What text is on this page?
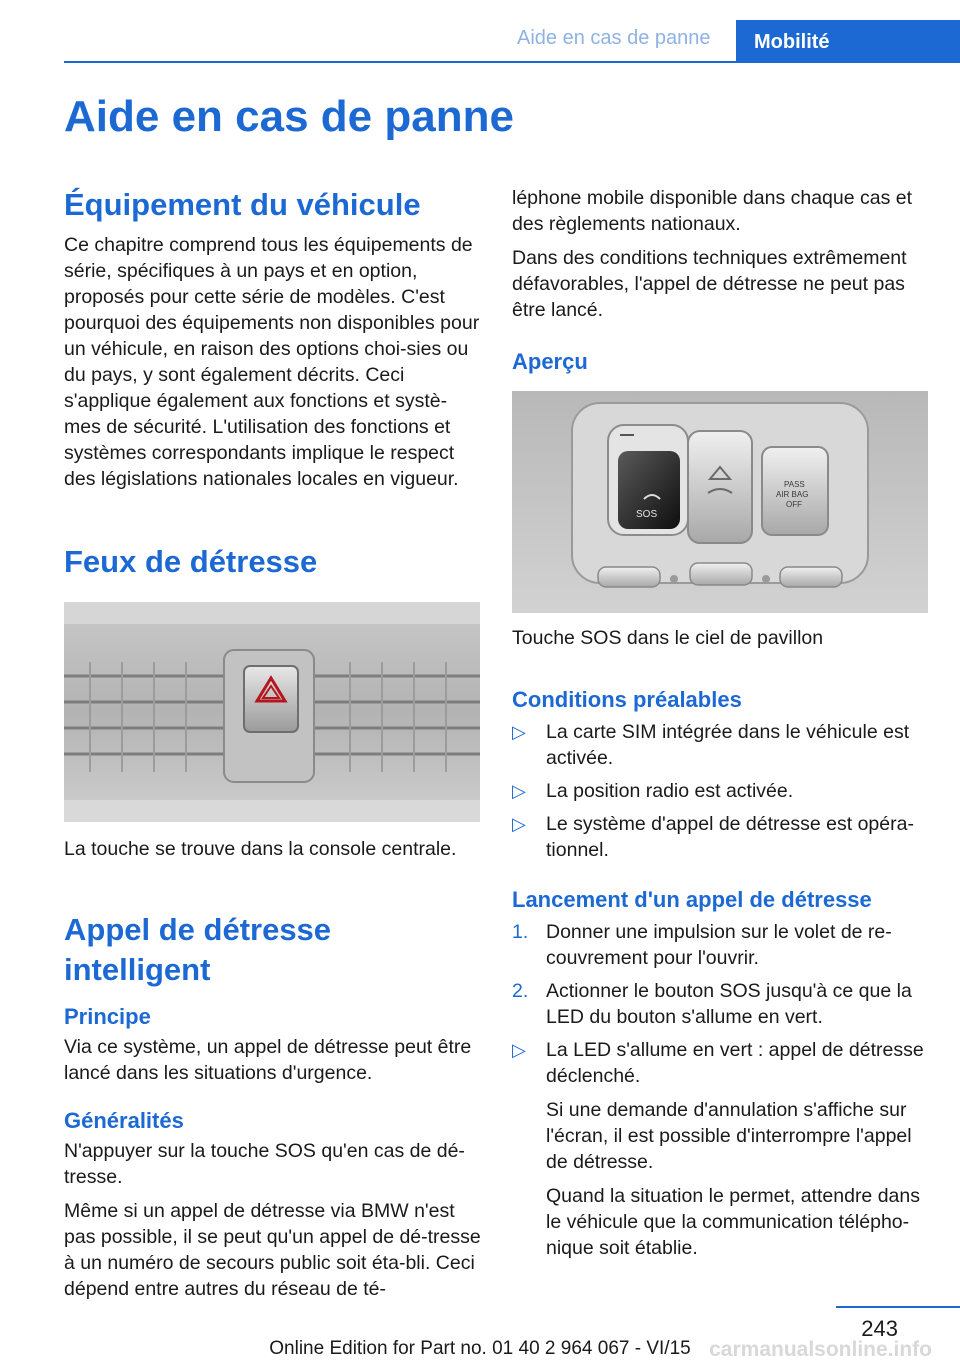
Aide en cas de panne	Mobilité
Aide en cas de panne
Équipement du véhicule

Ce chapitre comprend tous les équipements de série, spécifiques à un pays et en option, proposés pour cette série de modèles. C'est pourquoi des équipements non disponibles pour un véhicule, en raison des options choi-sies ou du pays, y sont également décrits. Ceci s'applique également aux fonctions et systè-mes de sécurité. L'utilisation des fonctions et systèmes correspondants implique le respect des législations nationales locales en vigueur.

Feux de détresse

La touche se trouve dans la console centrale.

Appel de détresse intelligent
Principe

Via ce système, un appel de détresse peut être lancé dans les situations d'urgence.

Généralités

N'appuyer sur la touche SOS qu'en cas de dé-tresse.

Même si un appel de détresse via BMW n'est pas possible, il se peut qu'un appel de dé-tresse à un numéro de secours public soit éta-bli. Ceci dépend entre autres du réseau de té-

léphone mobile disponible dans chaque cas et des règlements nationaux.

Dans des conditions techniques extrêmement défavorables, l'appel de détresse ne peut pas être lancé.

Aperçu
SOS
PASS
AIR BAG
OFF

Touche SOS dans le ciel de pavillon

Conditions préalables
▷ La carte SIM intégrée dans le véhicule est activée.
▷ La position radio est activée.
▷ Le système d'appel de détresse est opéra-tionnel.
Lancement d'un appel de détresse
1. Donner une impulsion sur le volet de re-couvrement pour l'ouvrir.
2. Actionner le bouton SOS jusqu'à ce que la LED du bouton s'allume en vert.
▷ La LED s'allume en vert : appel de détresse déclenché.
Si une demande d'annulation s'affiche sur l'écran, il est possible d'interrompre l'appel de détresse.
Quand la situation le permet, attendre dans le véhicule que la communication télépho-nique soit établie.
243
Online Edition for Part no. 01 40 2 964 067 - VI/15 carmanualsonline.info
